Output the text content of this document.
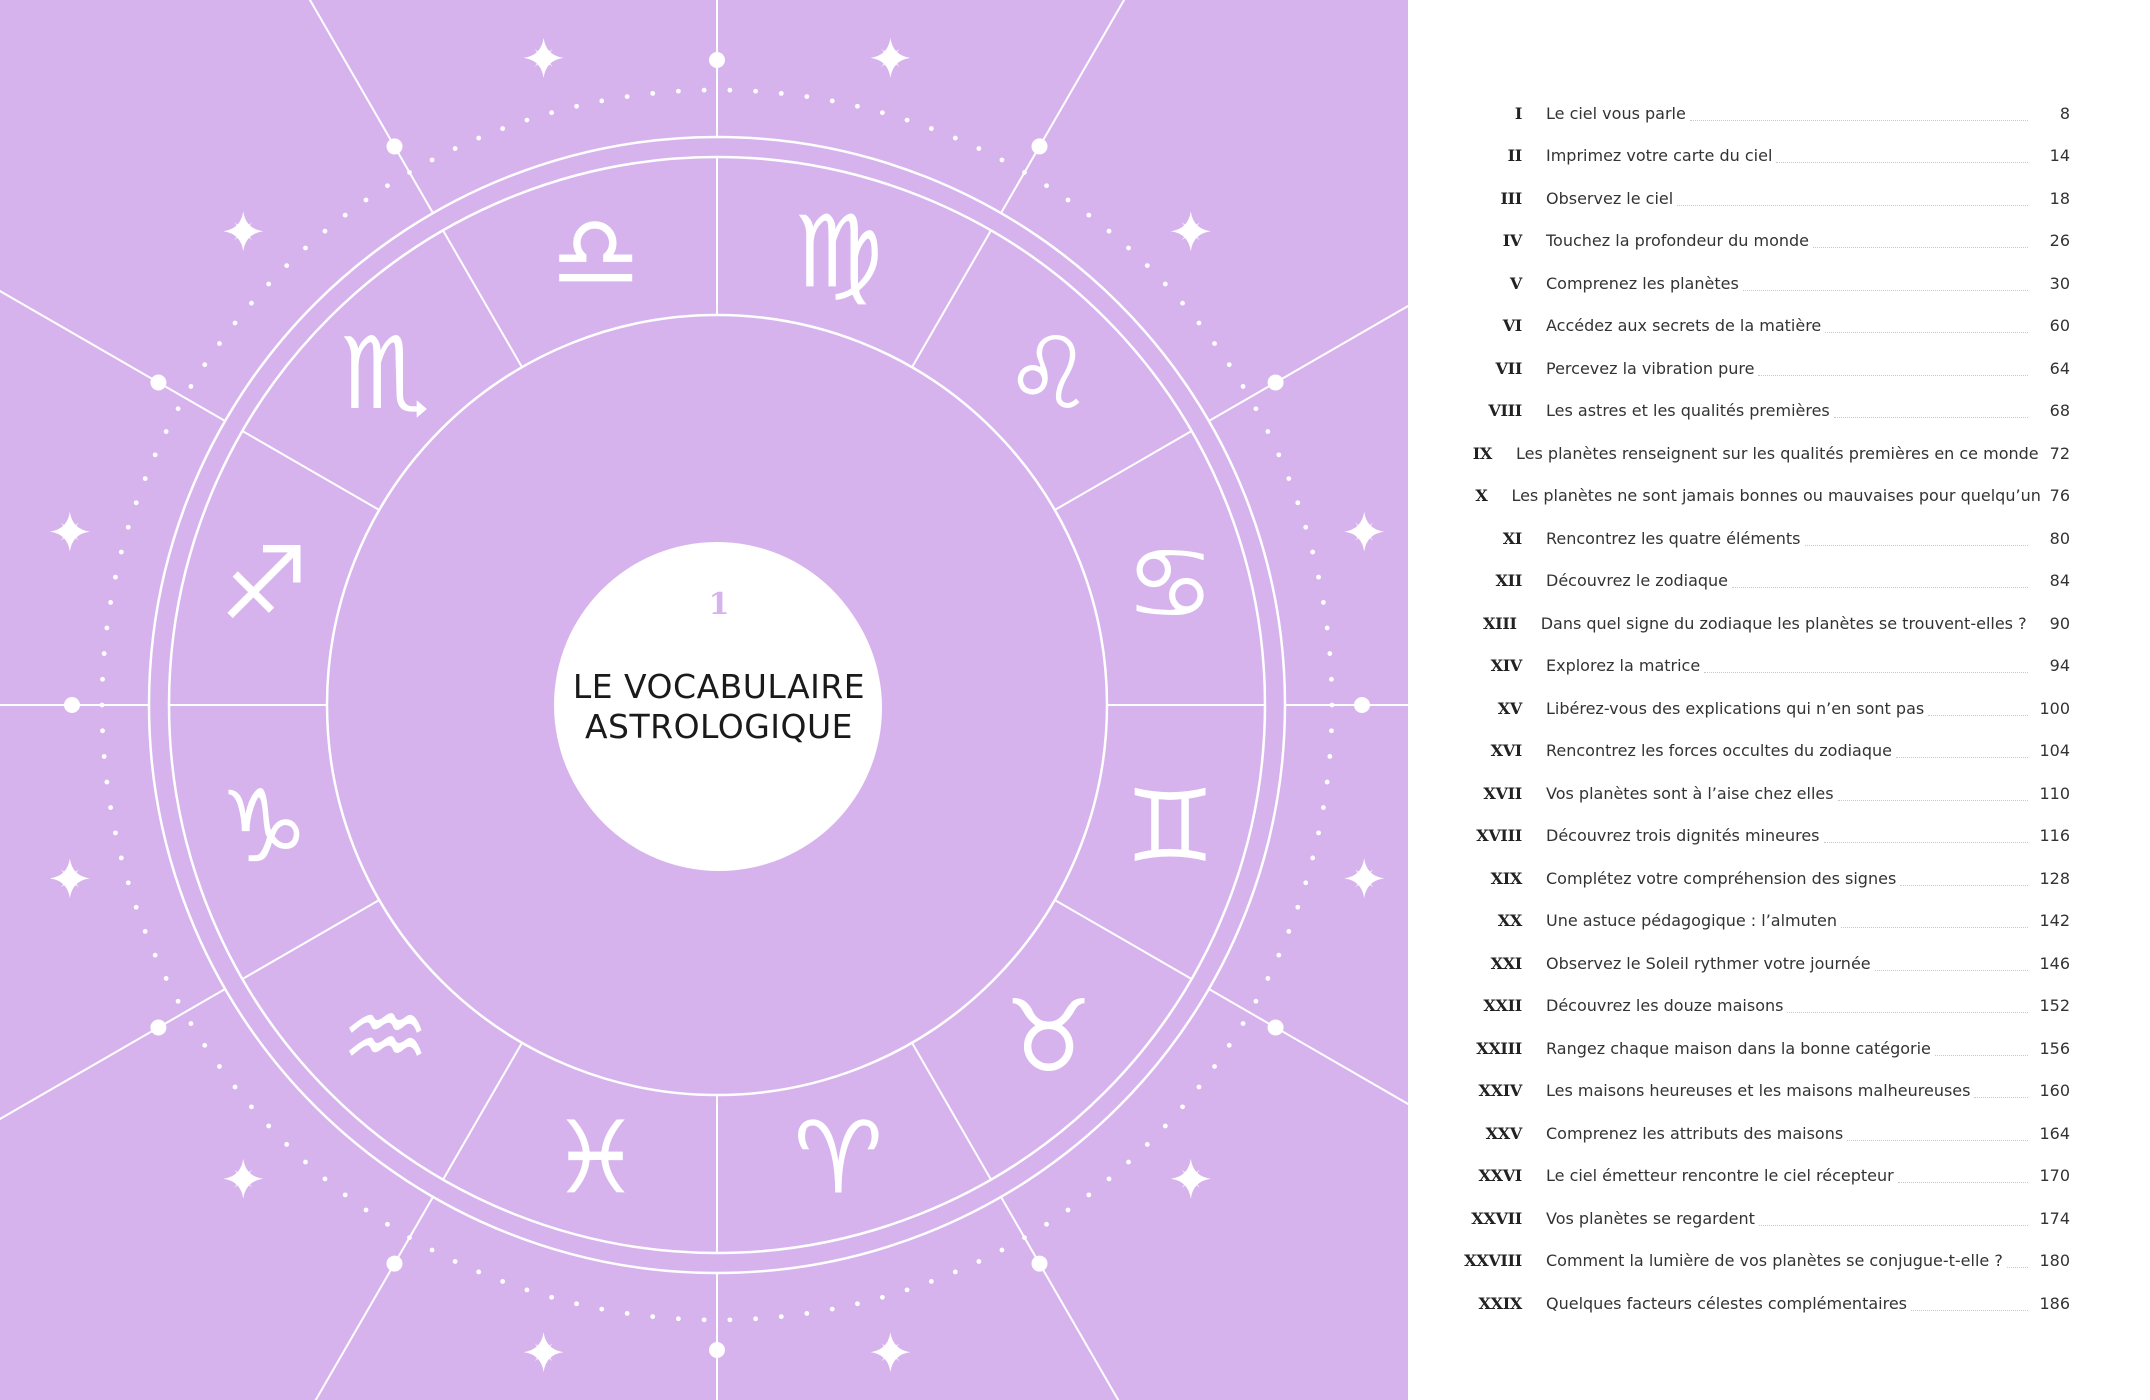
♍︎
♌︎
♋︎
♊︎
♉︎
♈︎
♓︎
♒︎
♑︎
♐︎
♏︎
♎︎
1
LE VOCABULAIRE
ASTROLOGIQUE
I Le ciel vous parle	8
II Imprimez votre carte du ciel	14
III Observez le ciel	18
IV Touchez la profondeur du monde	26
V Comprenez les planètes	30
VI Accédez aux secrets de la matière	60
VII Percevez la vibration pure	64
VIII Les astres et les qualités premières	68
IX Les planètes renseignent sur les qualités premières en ce monde 72
X Les planètes ne sont jamais bonnes ou mauvaises pour quelqu’un 76
XI Rencontrez les quatre éléments	80
XII Découvrez le zodiaque	84
XIII Dans quel signe du zodiaque les planètes se trouvent-elles ?	90
XIV Explorez la matrice	94
XV Libérez-vous des explications qui n’en sont pas	100
XVI Rencontrez les forces occultes du zodiaque	104
XVII Vos planètes sont à l’aise chez elles	110
XVIII Découvrez trois dignités mineures	116
XIX Complétez votre compréhension des signes	128
XX Une astuce pédagogique : l’almuten	142
XXI Observez le Soleil rythmer votre journée	146
XXII Découvrez les douze maisons	152
XXIII Rangez chaque maison dans la bonne catégorie	156
XXIV Les maisons heureuses et les maisons malheureuses	160
XXV Comprenez les attributs des maisons	164
XXVI Le ciel émetteur rencontre le ciel récepteur	170
XXVII Vos planètes se regardent	174
XXVIII Comment la lumière de vos planètes se conjugue-t-elle ?	180
XXIX Quelques facteurs célestes complémentaires	186
